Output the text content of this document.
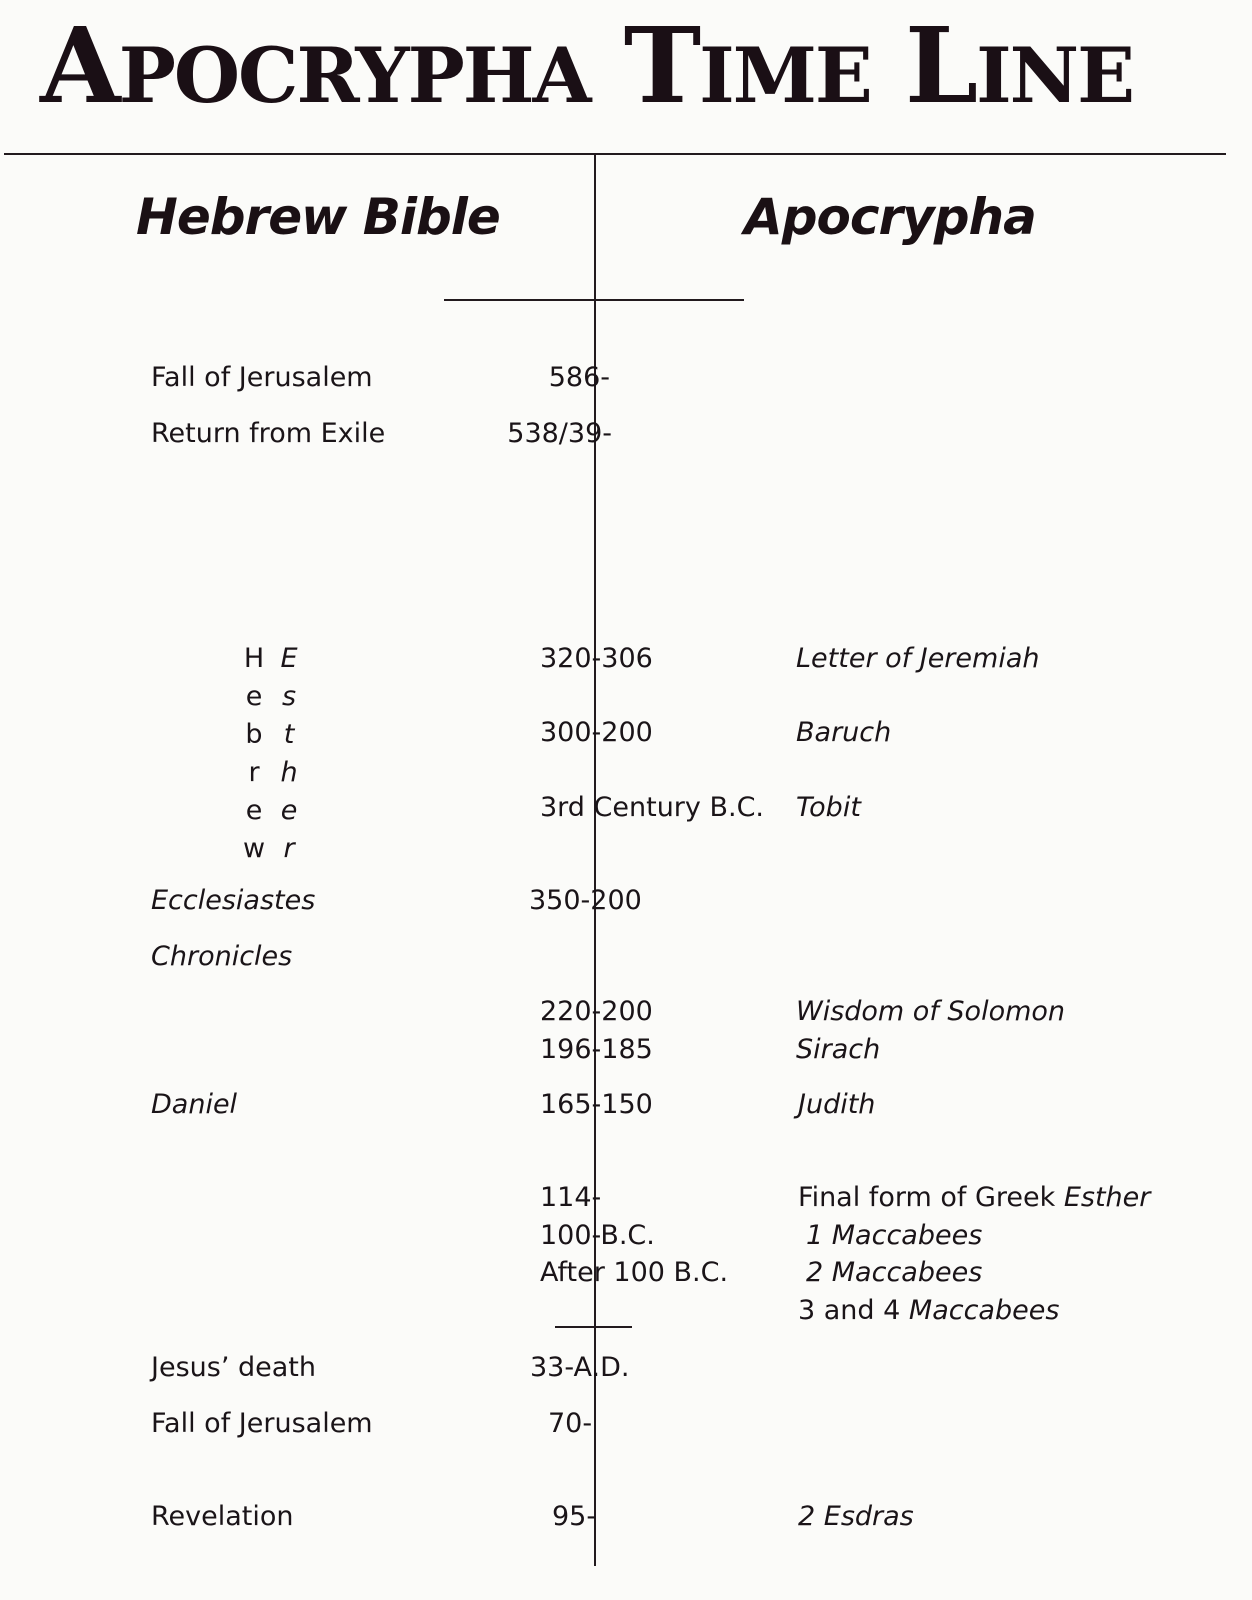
APOCRYPHA TIME LINE
Hebrew Bible	Apocrypha
Fall of Jerusalem
Return from Exile
Ecclesiastes
Chronicles
Daniel
Jesus’ death
Fall of Jerusalem
Revelation
H
e
b
r
e
w
E
s
t
h
e
r
586-
538/39-
320-306
300-200
3rd Century B.C.
350-200
220-200
196-185
165-150
114-
100-B.C.
After 100 B.C.
33-A.D.
70-
95-
Letter of Jeremiah
Baruch
Tobit
Wisdom of Solomon
Sirach
Judith
Final form of Greek Esther
1 Maccabees
2 Maccabees
3 and 4 Maccabees
2 Esdras
